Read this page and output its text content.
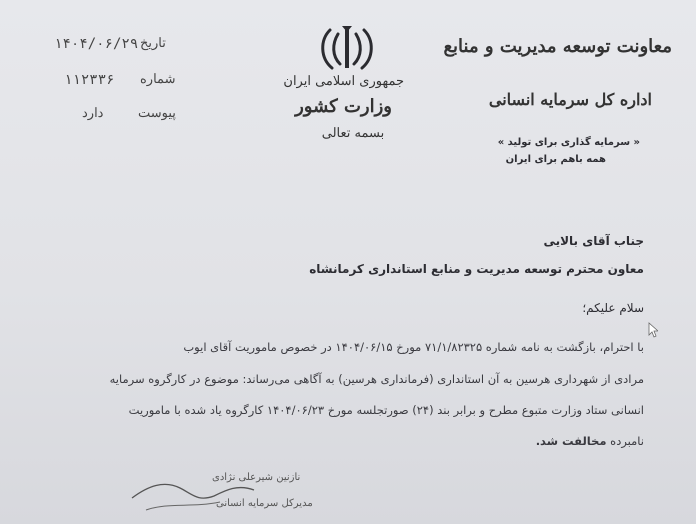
جمهوری اسلامی ایران
وزارت کشور
بسمه تعالی
۱۴۰۴/۰۶/۲۹ تاریخ
۱۱۲۳۳۶ شماره
دارد	پیوست
معاونت توسعه مدیریت و منابع
اداره کل سرمایه انسانی
« سرمایه گذاری برای تولید »
همه باهم برای ایران
جناب آقای بالایی
معاون محترم توسعه مدیریت و منابع استانداری کرمانشاه
سلام علیکم؛
با احترام، بازگشت به نامه شماره ۷۱/۱/۸۲۳۲۵ مورخ ۱۴۰۴/۰۶/۱۵ در خصوص ماموریت آقای ایوب
مرادی از شهرداری هرسین به آن استانداری (فرمانداری هرسین) به آگاهی می‌رساند: موضوع در کارگروه سرمایه
انسانی ستاد وزارت متبوع مطرح و برابر بند (۲۴) صورتجلسه مورخ ۱۴۰۴/۰۶/۲۳ کارگروه یاد شده با ماموریت
نامبرده مخالفت شد.
نازنین شیرعلی نژادی
مدیرکل سرمایه انسانی
